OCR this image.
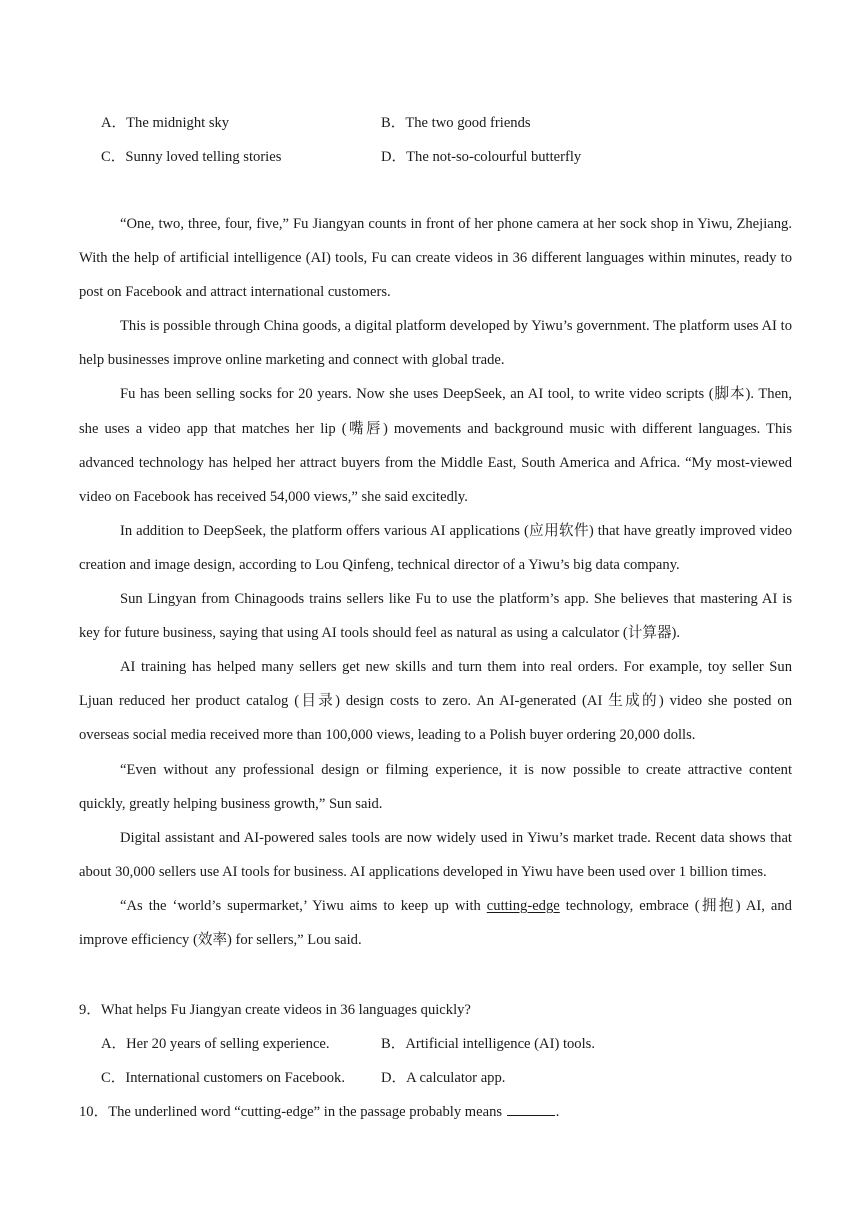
A．The midnight sky	B．The two good friends
C．Sunny loved telling stories	D．The not-so-colourful butterfly

“One, two, three, four, five,” Fu Jiangyan counts in front of her phone camera at her sock shop in Yiwu, Zhejiang. With the help of artificial intelligence (AI) tools, Fu can create videos in 36 different languages within minutes, ready to post on Facebook and attract international customers.

This is possible through China goods, a digital platform developed by Yiwu’s government. The platform uses AI to help businesses improve online marketing and connect with global trade.

Fu has been selling socks for 20 years. Now she uses DeepSeek, an AI tool, to write video scripts (脚本). Then, she uses a video app that matches her lip (嘴唇) movements and background music with different languages. This advanced technology has helped her attract buyers from the Middle East, South America and Africa. “My most-viewed video on Facebook has received 54,000 views,” she said excitedly.

In addition to DeepSeek, the platform offers various AI applications (应用软件) that have greatly improved video creation and image design, according to Lou Qinfeng, technical director of a Yiwu’s big data company.

Sun Lingyan from Chinagoods trains sellers like Fu to use the platform’s app. She believes that mastering AI is key for future business, saying that using AI tools should feel as natural as using a calculator (计算器).

AI training has helped many sellers get new skills and turn them into real orders. For example, toy seller Sun Ljuan reduced her product catalog (目录) design costs to zero. An AI-generated (AI 生成的) video she posted on overseas social media received more than 100,000 views, leading to a Polish buyer ordering 20,000 dolls.

“Even without any professional design or filming experience, it is now possible to create attractive content quickly, greatly helping business growth,” Sun said.

Digital assistant and AI-powered sales tools are now widely used in Yiwu’s market trade. Recent data shows that about 30,000 sellers use AI tools for business. AI applications developed in Yiwu have been used over 1 billion times.

“As the ‘world’s supermarket,’ Yiwu aims to keep up with cutting-edge technology, embrace (拥抱) AI, and improve efficiency (效率) for sellers,” Lou said.

9．What helps Fu Jiangyan create videos in 36 languages quickly?
A．Her 20 years of selling experience.	B．Artificial intelligence (AI) tools.
C．International customers on Facebook. D．A calculator app.
10．The underlined word “cutting-edge” in the passage probably means	.
